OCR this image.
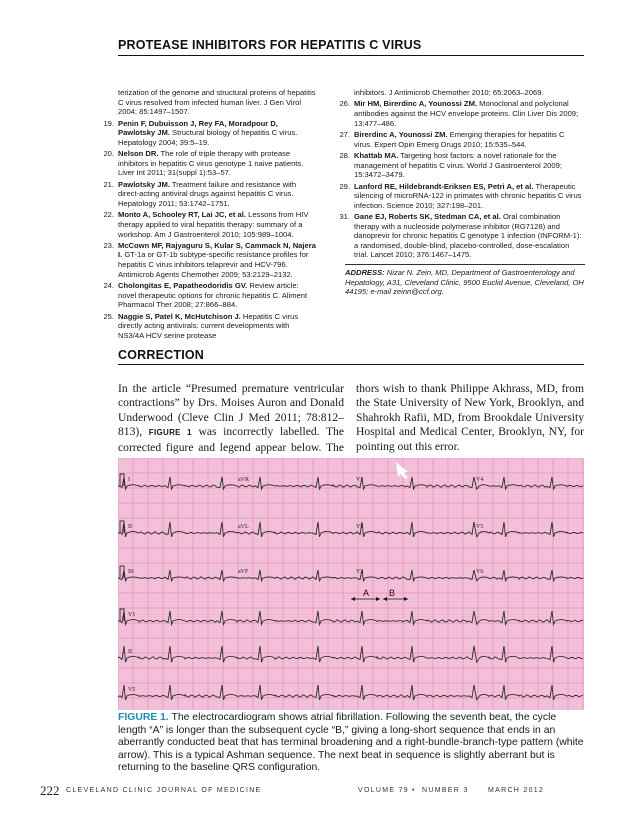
PROTEASE INHIBITORS FOR HEPATITIS C VIRUS
terization of the genome and structural proteins of hepatitis C virus resolved from infected human liver. J Gen Virol 2004; 85:1497–1507.
19. Penin F, Dubuisson J, Rey FA, Moradpour D, Pawlotsky JM. Structural biology of hepatitis C virus. Hepatology 2004; 39:5–19.
20. Nelson DR. The role of triple therapy with protease inhibitors in hepatitis C virus genotype 1 naive patients. Liver Int 2011; 31(suppl 1):53–57.
21. Pawlotsky JM. Treatment failure and resistance with direct-acting antiviral drugs against hepatitis C virus. Hepatology 2011; 53:1742–1751.
22. Monto A, Schooley RT, Lai JC, et al. Lessons from HIV therapy applied to viral hepatitis therapy: summary of a workshop. Am J Gastroenterol 2010; 105:989–1004.
23. McCown MF, Rajyaguru S, Kular S, Cammack N, Najera I. GT-1a or GT-1b subtype-specific resistance profiles for hepatitis C virus inhibitors telaprevir and HCV-796. Antimicrob Agents Chemother 2009; 53:2129–2132.
24. Cholongitas E, Papatheodoridis GV. Review article: novel therapeutic options for chronic hepatitis C. Aliment Pharmacol Ther 2008; 27:866–884.
25. Naggie S, Patel K, McHutchison J. Hepatitis C virus directly acting antivirals: current developments with NS3/4A HCV serine protease
inhibitors. J Antimicrob Chemother 2010; 65:2063–2069.
26. Mir HM, Birerdinc A, Younossi ZM. Monoclonal and polyclonal antibodies against the HCV envelope proteins. Clin Liver Dis 2009; 13:477–486.
27. Birerdinc A, Younossi ZM. Emerging therapies for hepatitis C virus. Expert Opin Emerg Drugs 2010; 15:535–544.
28. Khattab MA. Targeting host factors: a novel rationale for the management of hepatitis C virus. World J Gastroenterol 2009; 15:3472–3479.
29. Lanford RE, Hildebrandt-Eriksen ES, Petri A, et al. Therapeutic silencing of microRNA-122 in primates with chronic hepatitis C virus infection. Science 2010; 327:198–201.
31. Gane EJ, Roberts SK, Stedman CA, et al. Oral combination therapy with a nucleoside polymerase inhibitor (RG7128) and danoprevir for chronic hepatitis C genotype 1 infection (INFORM-1): a randomised, double-blind, placebo-controlled, dose-escalation trial. Lancet 2010; 376:1467–1475.
ADDRESS: Nizar N. Zein, MD, Department of Gastroenterology and Hepatology, A31, Cleveland Clinic, 9500 Euclid Avenue, Cleveland, OH 44195; e-mail zeinn@ccf.org.
CORRECTION
In the article “Presumed premature ventricular contractions” by Drs. Moises Auron and Donald Underwood (Cleve Clin J Med 2011; 78:812–813), FIGURE 1 was incorrectly labelled. The corrected figure and legend appear below. The
thors wish to thank Philippe Akhrass, MD, from the State University of New York, Brooklyn, and Shahrokh Rafii, MD, from Brookdale University Hospital and Medical Center, Brooklyn, NY, for pointing out this error.
I	aVR	V1	V4
II	aVL	V2	V5
III	aVF	V3	V6
V1
II
V5
A B
FIGURE 1. The electrocardiogram shows atrial fibrillation. Following the seventh beat, the cycle length “A” is longer than the subsequent cycle “B,” giving a long-short sequence that ends in an aberrantly conducted beat that has terminal broadening and a right-bundle-branch-type pattern (white arrow). This is a typical Ashman sequence. The next beat in sequence is slightly aberrant but is returning to the baseline QRS configuration.
222 CLEVELAND CLINIC JOURNAL OF MEDICINE	VOLUME 79 • NUMBER 3	MARCH 2012
